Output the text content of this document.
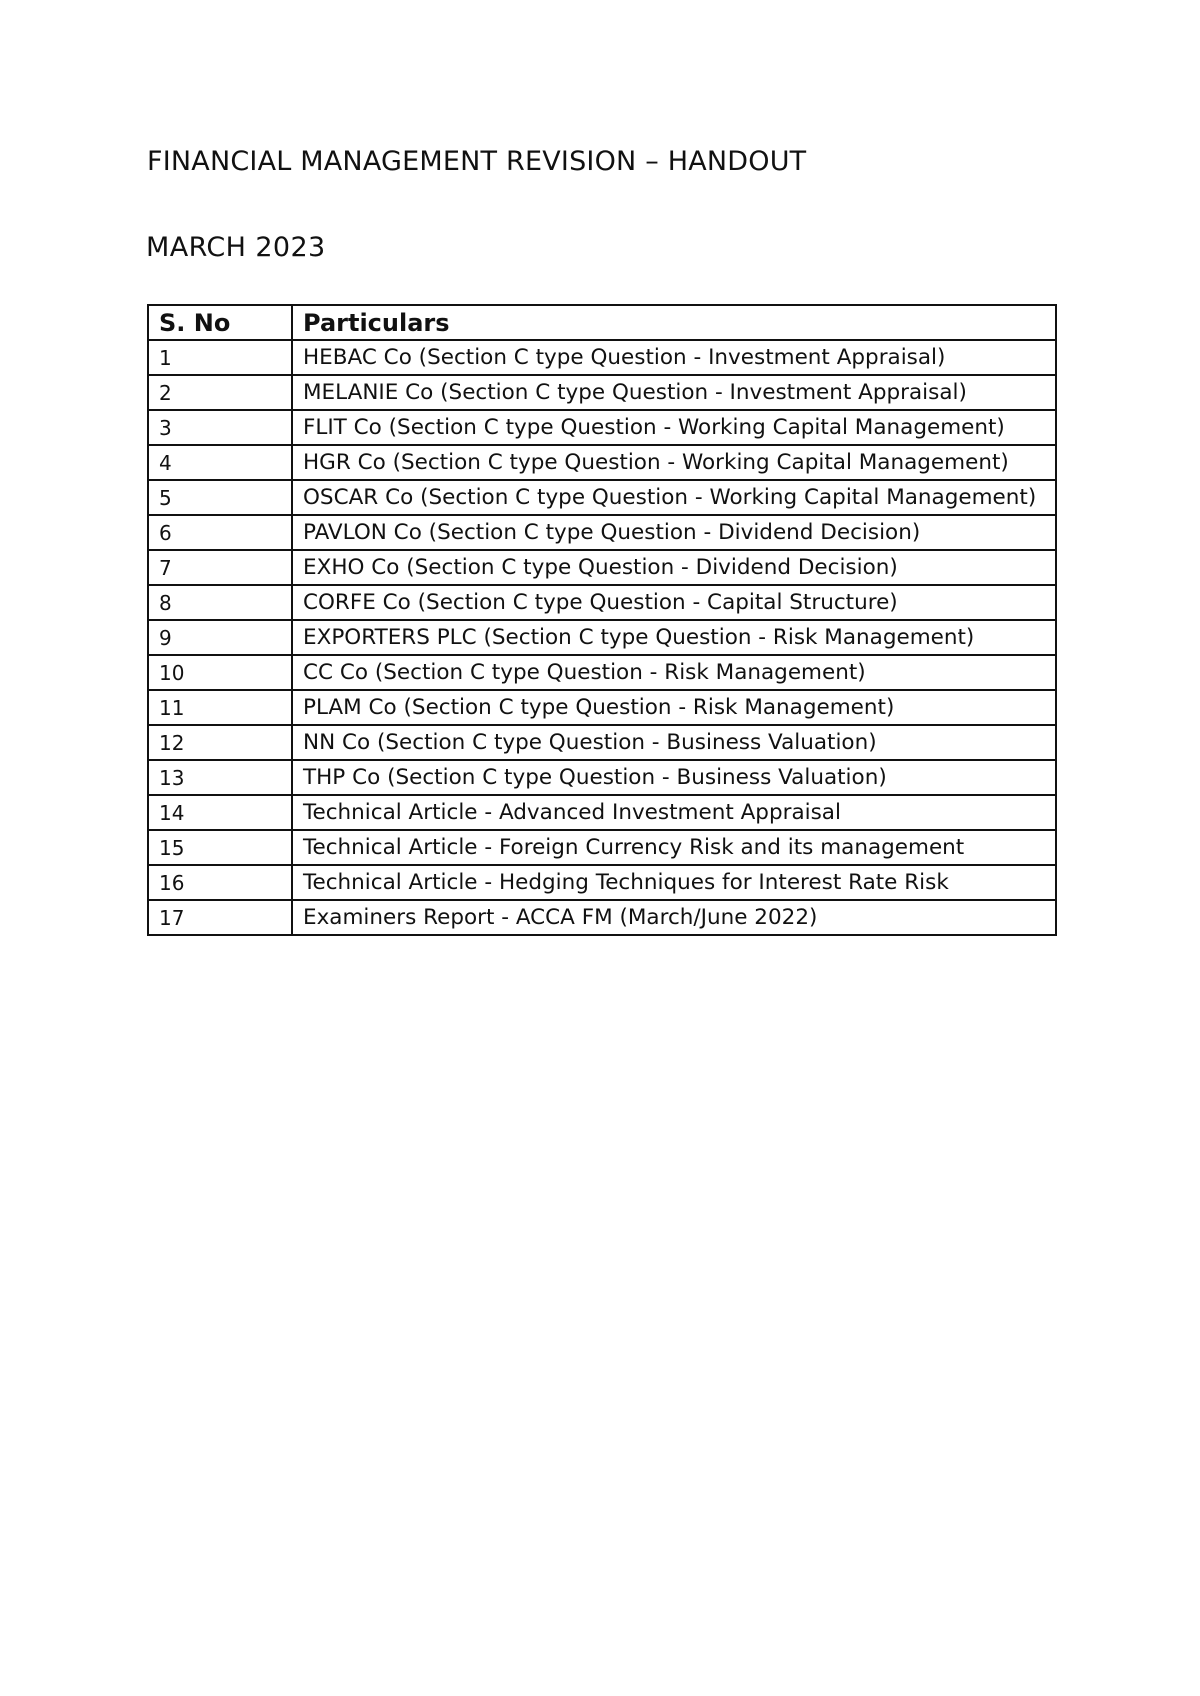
FINANCIAL MANAGEMENT REVISION – HANDOUT
MARCH 2023
S. No	Particulars
1	HEBAC Co (Section C type Question - Investment Appraisal)
2	MELANIE Co (Section C type Question - Investment Appraisal)
3	FLIT Co (Section C type Question - Working Capital Management)
4	HGR Co (Section C type Question - Working Capital Management)
5	OSCAR Co (Section C type Question - Working Capital Management)
6	PAVLON Co (Section C type Question - Dividend Decision)
7	EXHO Co (Section C type Question - Dividend Decision)
8	CORFE Co (Section C type Question - Capital Structure)
9	EXPORTERS PLC (Section C type Question - Risk Management)
10	CC Co (Section C type Question - Risk Management)
11	PLAM Co (Section C type Question - Risk Management)
12	NN Co (Section C type Question - Business Valuation)
13	THP Co (Section C type Question - Business Valuation)
14	Technical Article - Advanced Investment Appraisal
15	Technical Article - Foreign Currency Risk and its management
16	Technical Article - Hedging Techniques for Interest Rate Risk
17	Examiners Report - ACCA FM (March/June 2022)
